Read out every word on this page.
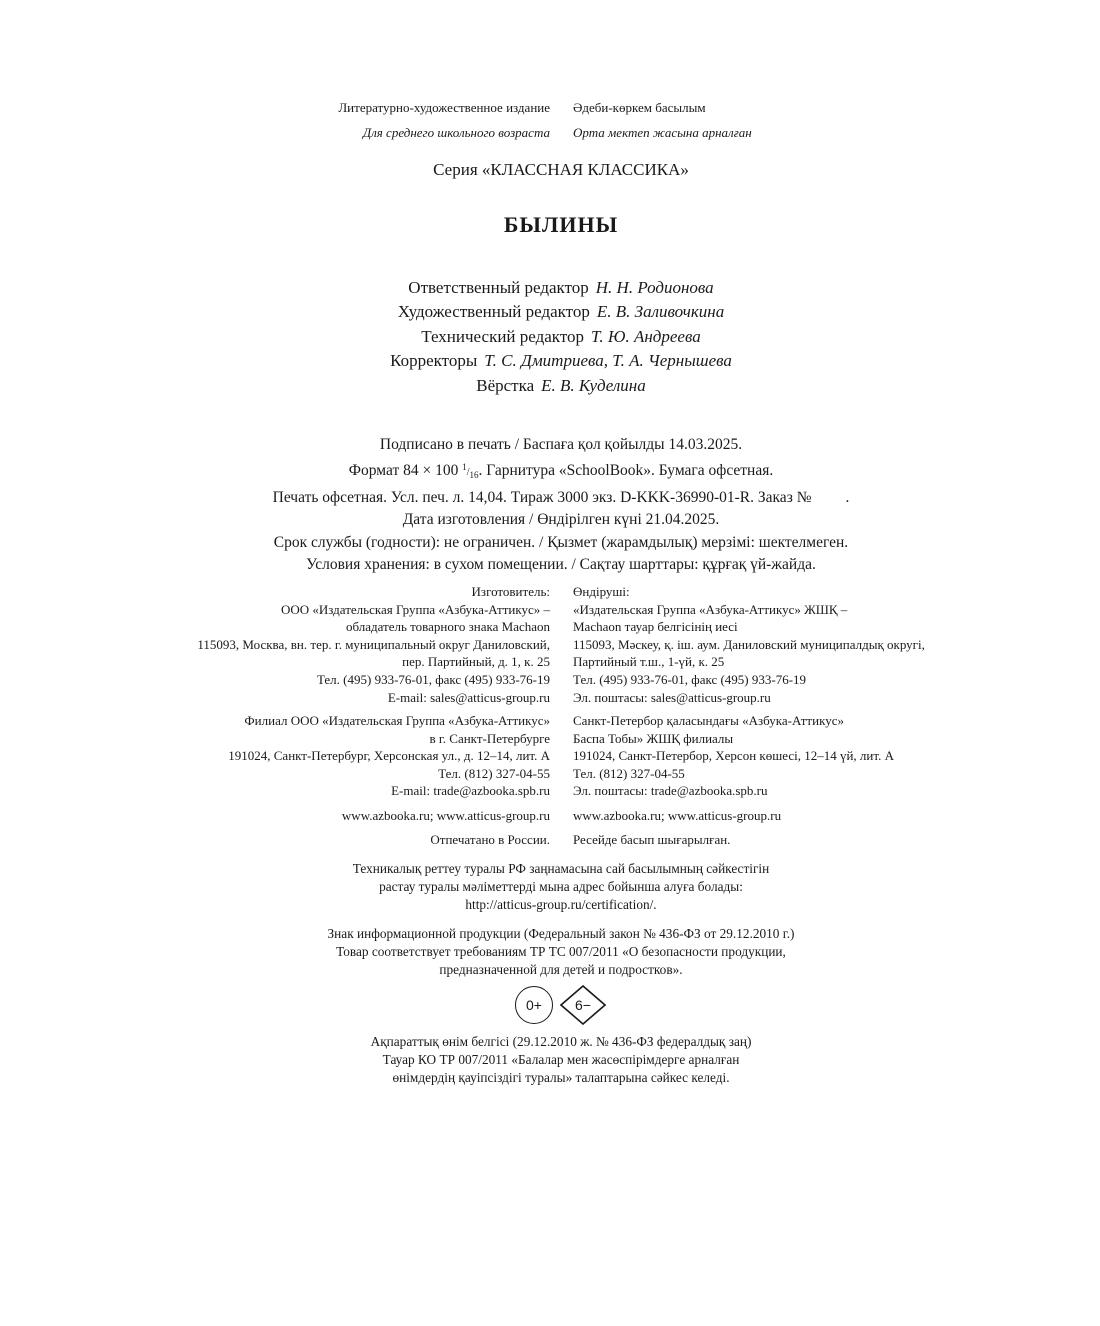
Литературно-художественное издание Әдеби-көркем басылым
Для среднего школьного возраста Орта мектеп жасына арналған
Серия «КЛАССНАЯ КЛАССИКА»
БЫЛИНЫ
Ответственный редактор Н. Н. Родионова
Художественный редактор Е. В. Заливочкина
Технический редактор Т. Ю. Андреева
Корректоры Т. С. Дмитриева, Т. А. Чернышева
Вёрстка Е. В. Куделина
Подписано в печать / Баспаға қол қойылды 14.03.2025.
Формат 84 × 100 $^1/_{16}$. Гарнитура «SchoolBook». Бумага офсетная.
Печать офсетная. Усл. печ. л. 14,04. Тираж 3000 экз. D-KKK-36990-01-R. Заказ № .
Дата изготовления / Өндірілген күні 21.04.2025.
Срок службы (годности): не ограничен. / Қызмет (жарамдылық) мерзімі: шектелмеген.
Условия хранения: в сухом помещении. / Сақтау шарттары: құрғақ үй-жайда.
Изготовитель:
ООО «Издательская Группа «Азбука-Аттикус» –
обладатель товарного знака Machaon
115093, Москва, вн. тер. г. муниципальный округ Даниловский,
пер. Партийный, д. 1, к. 25
Тел. (495) 933-76-01, факс (495) 933-76-19
E-mail: sales@atticus-group.ru
Өндіруші:
«Издательская Группа «Азбука-Аттикус» ЖШҚ –
Machaon тауар белгісінің иесі
115093, Мәскеу, қ. іш. аум. Даниловский муниципалдық округі,
Партийный т.ш., 1-үй, к. 25
Тел. (495) 933-76-01, факс (495) 933-76-19
Эл. поштасы: sales@atticus-group.ru
Филиал ООО «Издательская Группа «Азбука-Аттикус»
в г. Санкт-Петербурге
191024, Санкт-Петербург, Херсонская ул., д. 12–14, лит. А
Тел. (812) 327-04-55
E-mail: trade@azbooka.spb.ru
Санкт-Петербор қаласындағы «Азбука-Аттикус»
Баспа Тобы» ЖШҚ филиалы
191024, Санкт-Петербор, Херсон көшесі, 12–14 үй, лит. А
Тел. (812) 327-04-55
Эл. поштасы: trade@azbooka.spb.ru
www.azbooka.ru; www.atticus-group.ru www.azbooka.ru; www.atticus-group.ru
Отпечатано в России. Ресейде басып шығарылған.
Техникалық реттеу туралы РФ заңнамасына сай басылымның сәйкестігін
растау туралы мәліметтерді мына адрес бойынша алуға болады:
http://atticus-group.ru/certification/.
Знак информационной продукции (Федеральный закон № 436-ФЗ от 29.12.2010 г.)
Товар соответствует требованиям ТР ТС 007/2011 «О безопасности продукции,
предназначенной для детей и подростков».
0+	6−
Ақпараттық өнім белгісі (29.12.2010 ж. № 436-ФЗ федералдық заң)
Тауар КО ТР 007/2011 «Балалар мен жасөспірімдерге арналған
өнімдердің қауіпсіздігі туралы» талаптарына сәйкес келеді.
